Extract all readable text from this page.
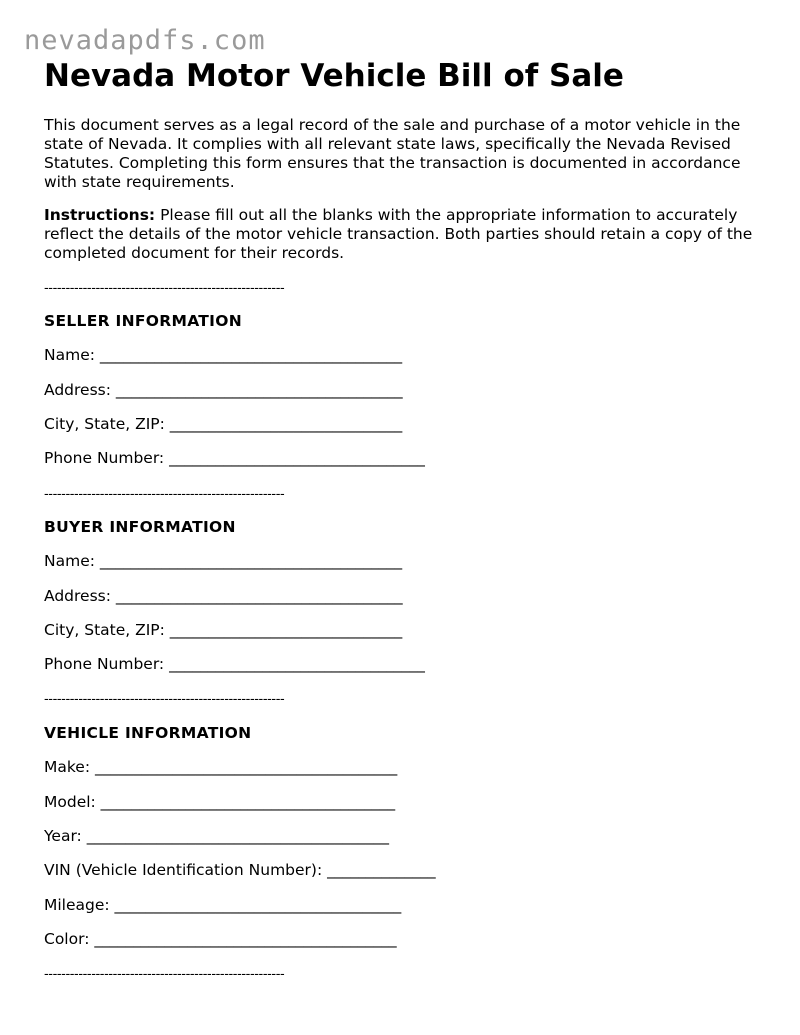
nevadapdfs.com
Nevada Motor Vehicle Bill of Sale

This document serves as a legal record of the sale and purchase of a motor vehicle in the state of Nevada. It complies with all relevant state laws, specifically the Nevada Revised Statutes. Completing this form ensures that the transaction is documented in accordance with state requirements.

Instructions: Please fill out all the blanks with the appropriate information to accurately reflect the details of the motor vehicle transaction. Both parties should retain a copy of the completed document for their records.

--------------------------------------------------------
SELLER INFORMATION
Name: _______________________________________
Address: _____________________________________
City, State, ZIP: ______________________________
Phone Number: _________________________________
--------------------------------------------------------
BUYER INFORMATION
Name: _______________________________________
Address: _____________________________________
City, State, ZIP: ______________________________
Phone Number: _________________________________
--------------------------------------------------------
VEHICLE INFORMATION
Make: _______________________________________
Model: ______________________________________
Year: _______________________________________
VIN (Vehicle Identification Number): ______________
Mileage: _____________________________________
Color: _______________________________________
--------------------------------------------------------
